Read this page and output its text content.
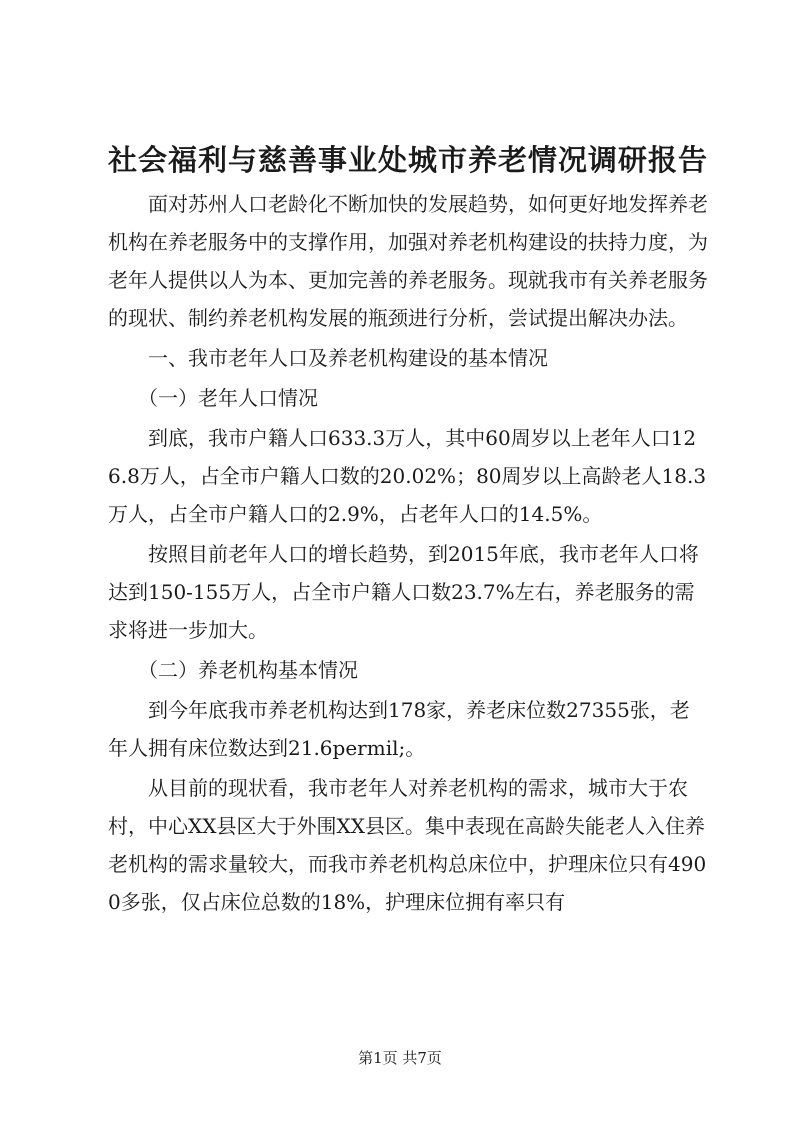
社会福利与慈善事业处城市养老情况调研报告

面对苏州人口老龄化不断加快的发展趋势，如何更好地发挥养老机构在养老服务中的支撑作用，加强对养老机构建设的扶持力度，为老年人提供以人为本、更加完善的养老服务。现就我市有关养老服务的现状、制约养老机构发展的瓶颈进行分析，尝试提出解决办法。

一、我市老年人口及养老机构建设的基本情况

（一）老年人口情况

到底，我市户籍人口633.3万人，其中60周岁以上老年人口126.8万人，占全市户籍人口数的20.02%；80周岁以上高龄老人18.3万人，占全市户籍人口的2.9%，占老年人口的14.5%。

按照目前老年人口的增长趋势，到2015年底，我市老年人口将达到150-155万人，占全市户籍人口数23.7%左右，养老服务的需求将进一步加大。

（二）养老机构基本情况

到今年底我市养老机构达到178家，养老床位数27355张，老年人拥有床位数达到21.6permil;。

从目前的现状看，我市老年人对养老机构的需求，城市大于农村，中心XX县区大于外围XX县区。集中表现在高龄失能老人入住养老机构的需求量较大，而我市养老机构总床位中，护理床位只有4900多张，仅占床位总数的18%，护理床位拥有率只有

第1页 共7页
